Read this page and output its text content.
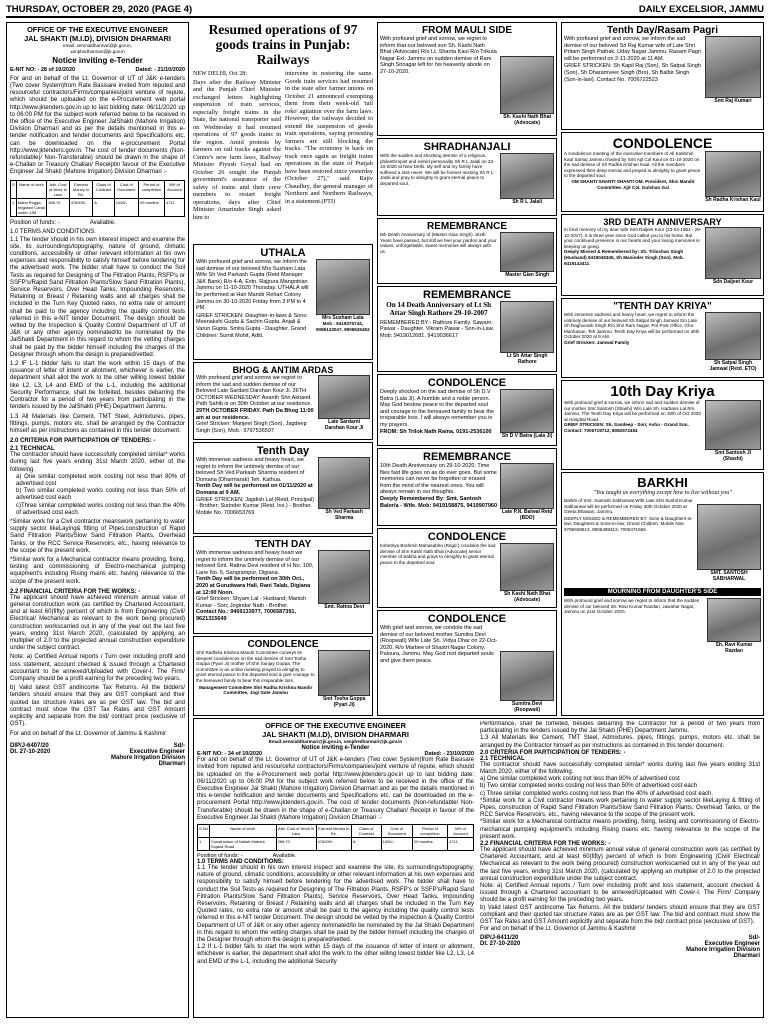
THURSDAY, OCTOBER 29, 2020 (PAGE 4)	DAILY EXCELSIOR, JAMMU
OFFICE OF THE EXECUTIVE ENGINEER
JAL SHAKTI (M.I.D), DIVISION DHARMARI
email: xenmiddharmari@jk.gov.in,
xenphedharmari@jk.gov.in
Notice inviting e-Tender
E-NIT NO: - 28 of 10/2020	Dated: - 21/10/2020
For and on behalf of the Lt. Governor of UT of J&K e-tenders (Two cover System)from Rate Basisare invited from reputed and resourceful contractors/Firms/companies/joint venture of repute, which should be uploaded on the e-Procurement web portal http://www.jktenders.gov.in up to last bidding date: 06/11/2020 up to 06:00 PM for the subject work referred below to be received in the office of the Executive Engineer JalShakti (Mahore Irrigation) Division Dharmari and as per the details mentioned in this e-tender notification and tender documents and Specifications etc. can be downloaded on the e-procurement Portal http://www.jktenders.gov.in. The cost of tender documents (Non-refundable)/ Non-Transferable) should be drawn in the shape of e-Challan or Treasury Challan/ Receiptin favour of the Executive Engineer Jal Shakti (Mahore Irrigation) Division Dharmari :-
S	Name of work	Adv. Cost of Work in Lacs	Earnest Money in Rs.	Class of Contract	Cost of Document	Period of completion	MH of Account
1	Maha Rogga Irrigation Canal under JJM	268.70	476000/-	A	1000/-	09 months	4711
Position of funds: -	Available.
1.0 TERMS AND CONDITIONS:
1.1 The tender should in his own interest inspect and examine the site, its surroundings/topography, nature of ground, climatic conditions, accessibility or other relevant information at his own expenses and responsibility to satisfy himself before tendering for the advertised work. The bidder shall have to conduct the Soil Tests as required for Designing of The Filtration Plants, RSFP's or SSFP's/Rapid Sand Filtration Plants/Slow Sand Filtration Plants), Service Reservoirs, Over Head Tanks, Impounding Reservoirs, Retaining or Breast / Retaining walls and all charges shall be included in the Turn Key Quoted rates, no extra rate or amount shall be paid to the agency including the quality control tests referred in this e-NIT tender Document. The design should be vetted by the Inspection & Quality Control Department of UT of J&K or any other agency nominated/to be nominated by the JalShakti Department in this regard to whom the vetting charges shall be paid by the bidder himself including the charges of the Designer through whom the design is prepared/vetted.
1.2 IF L-1 bidder fails to start the work within 15 days of the issuance of letter of intent or allotment, whichever is earlier, the department shall allot the work to the other willing lowest bidder like L2, L3, L4 and EMD of the L-1, including the additional Security Performance, shall be forfeited, besides debarring the Contractor for a period of two years from participating in the tenders issued by the JalShakti (PHE) Department Jammu.
1.3 All Materials like Cement, TMT Steel, Admixtures, pipes, fittings, pumps, motors etc. shall be arranged by the Contractor himself as per instructions as contained in this tender document.
2.0 CRITERIA FOR PARTICIPATION OF TENDERS: -
2.1 TECHNICAL
The contractor should have successfully completed similar* works during last five years ending 31st March 2020, either of the following.
a) One similar completed work costing not less than 80% of advertised cost
b) Two similar completed works costing not less than 50% of advertised cost each
c)Three similar completed works costing not less than the 40% of advertised cost each.
*Similar work for a Civil contractor meanswork pertaining to water supply sector likeLaying& fitting of Pipes,construction of Rapid Sand Filtration Plants/Slow Sand Filtration Plants, Overhead Tanks, or the RCC Service Reservoirs, etc., having relevance to the scope of the present work.
*Similar work for a Mechanical contractor means providing, fixing, testing and commissioning of Electro-mechanical pumping equipment's including Rising mains etc. having relevance to the scope of the present work.
2.2 FINANCIAL CRITERIA FOR THE WORKS: -
The applicant should have achieved minimum annual value of general construction work (as certified by Chartered Accountant, and at least 60(fifty) percent of which is from Engineering (Civil/ Electrical/ Mechanical as relevant to the work being procured) construction workscarried out in any of the year out the last five years, ending 31st March 2020, (calculated by applying an multiplier of 2.0 to the projected annual construction expenditure under the subject contract.
Note: a) Certified Annual reports / Turn over including profit and loss statement, account checked & issued through a Chartered accountant to be annexed/Uploaded with Cover-I. The Firm/ Company should be a profit earning for the preceding two years.
b) Valid latest GST andIncome Tax Returns. All the bidders/ tenders should ensure that they are GST compliant and their quoted tax structure /rates are as per GST law. The bid and contract must show the GST Tax Rates and GST Amount explicitly and separate from the bid/ contract price (exclusive of GST).
For and on behalf of the Lt. Governor of Jammu & Kashmir
DIP/J-6407/20
Dt. 27-10-2020
Sd/-
Executive Engineer
Mahore Irrigation Division
Dharmari
Resumed operations of 97 goods trains in Punjab: Railways
NEW DELHI, Oct 28:
Days after the Railway Minister and the Punjab Chief Minister exchanged letters highlighting suspension of train services, especially freight trains in the State, the national transporter said on Wednesday it had resumed operations of 97 goods trains in the region. Amid protests by farmers on rail tracks against the Centre's new farm laws, Railway Minister Piyush Goyal had on October 26 sought the Punjab government's assurance of the safety of trains and their crew members to restart freight operations, days after Chief Minister Amarinder Singh asked him to
intervene in restoring the same. Goods train services had resumed in the state after farmer unions on October 21 announced exempting them from their week-old 'rail roko' agitation over the farm laws. However, the railways decided to extend the suspension of goods train operations, saying protesting farmers are still blocking the tracks. "The economy is back on track once again as freight trains operations in the state of Punjab have been restored since yesterday (October 27)," said Rajiv Chaudhry, the general manager of Northern and Northern Railways, in a statement.(PTI)
UTHALA
With profound grief and sorrow, we inform the sad demise of our beloved Mrs Susham Lata Wife Sh Ved Parkash Gupta (Retd Manager J&K Bank) R/o 4-A, Extn. Rajpura Mangotrian Jammu on 11-10-2020 Thursday. UTHALA will be performed at Hari Mandir Rehari Colony Jammu on 30-10-2020 Friday from 3 PM to 4 PM.
GRIEF STRICKEN: Daughter-in-laws & Sons: Meenakshi Gupta & Sachin Gupta, Anjali & Varun Gupta. Smita Gupta - Daughter. Grand Children: Sumit Mohit, Aditi.
Mrs Susham Lata
Mob : 9419375744, 9086133047, 9906526452
BHOG & ANTIM ARDAS
With profound grief and sorrow we regret to inform the sad and sudden demise of our Beloved Late Sardani Darshan Kour Ji. 26TH OCTOBER WEDNESDAY. Ananth Shri Akhand Path Sahib is on 30th October at our residence.
29TH OCTOBER FRIDAY. Path Da Bhog 11:00 am at our residence.
Grief Stricken: Manjeet Singh (Son), Jagdeep Singh (Son), Mob.: 9797536597
Late Sardarni Darshan Kour Ji
Tenth Day
With immense sadness and heavy heart, we regret to inform the untimely demise of our beloved Sh Ved Parkash Sharma resident of Domana (Dharmarak) Teh. Kathua.
Tenth Day will be performed on 01/11/2020 at Domana at 9 AM.
GRIEF STRICKEN: Jagdish Lal (Retd. Principal) - Brother; Surinder Kumar (Retd. Ins.) - Brother. Mobile No. 7006653769	Sh Ved Parkash Sharma
TENTH DAY
With immense sadness and heavy heart we regret to inform the untimely demise of our beloved Smt. Rattna Devi resident of H.No. 100, Lane No. 5, Sangrampur, Digiana.
Tenth Day will be performed on 30th Oct., 2020 at Gurudwara Hall, Rani Talab, Digiana at 12:00 Noon.
Grief Stricken: Shyam Lal - Husband; Manish Kumar - Son; Jogindar Nath - Brother.
Contact No.: 9469133977, 7006587391, 9621315649
Smt. Rattna Devi
CONDOLENCE
Shri Radhika Krishna Mandir Committee conveys its deepest condolences on the sad demise of Smt Tosha Goppa (Pyari Ji) mother of Shri Sanjay Goppa. The Committee in an online meeting prayed to almighty to grant eternal peace to the departed soul & give courage to the bereaved family to bear this irreparable loss.
Management Committee Shri Radha Krishna Mandir Committee, Jogi Gate Jammu
Smt Tosha Goppa (Pyari Ji)
FROM MAULI SIDE
With profound grief and sorrow, we regret to inform that our beloved son Sh. Kashi Nath Bhat (Advocate) R/o Lt. Shanta Kaul R/o Trikuta Nagar Ext. Jammu on sudden demise of Ram Singh Srinagar left for his heavenly abode on 27-10-2020.
Sh. Kashi Nath Bhat (Advocate)
SHRADHANJALI
With the sudden and shocking demise of a religious, philanthropist and exited personality Sh R L Jalali on 23-10-2020 at New Delhi. My self and my family have suffered a loss never. We will be forever missing Sh R L Jalali and pray to almighty to grant eternal peace to departed soul.
Sh R L Jalali
REMEMBRANCE
6th Death Anniversary of (Master Gian Singh). Sixth Years have passed, but still we feel your pardon and your values, unforgettable, sweet memories will always with us.
Master Gian Singh
REMEMBRANCE
On 14 Death Anniversary of Lt Sh Attar Singh Rathore 29-10-2007
REMEMBERED BY:- Rathore Family. Sawarn Pawar - Daughter. Vikram Pawar - Son-in-Law. Mob: 9419012681, 9419036617
Lt Sh Attar Singh Rathore
CONDOLENCE
Deeply shocked on the sad demise of Sh D.V Batra (Lala Ji). A humble and a noble person. May God bestow peace to the departed soul and courage to the bereaved family to bear the irreparable loss. I will always remember you in my prayers.
FROM: Sh Trilok Nath Raina, 0191-2536100
Sh D V Batra (Lala Ji)
REMEMBRANCE
10th Death Anniversary on 29-10-2020. Time flies fast life goes on as do ever goes. But some memories can never be forgotten or erased from the mind of the nearest ones. You will always remain in our thoughts.
Deeply Remembered By: Smt. Santosh Baloria - Wife. Mob: 9419158875, 9419907960
Late P.N. Balwal Retd (BDO)
CONDOLENCE
Kshetriya Brahmin Mahasabha (Regd.) condoles the sad demise of Shri Kashi Nath Bhat (Advocate) senior member of Sabha and prays to Almighty to grant eternal peace to the departed soul.
Sh Kashi Nath Bhat (Advocate)
CONDOLENCE
With grief and sorrow, we condole the sad demise of our beloved mother Sumitra Devi (Roopwati) Wife Late Sh. Vidya Dhar on 22-Oct-2020, R/o Marbee of Shastri Nagar Colony, Paloura, Jammu. May God rest departed souls and give them peace.
Sumitra Devi (Roopwati)
Tenth Day/Rasam Pagri
With profound grief and sorrow, we inform the sad demise of our beloved Sri Raj Kumar wife of Late Shri Pritam Singh Pathak, Uday Nagar Jammu. Rasam Pagri will be performed on 2-11-2020 at 11 AM.
GRIEF STRICKEN: Sh Kapil Raj (Son), Sh Satpal Singh (Son), Sh Dharamveer Singh (Bro), Sh Balbir Singh (Son-in-law). Contact No. 7006722523
Smt Raj Kumari
CONDOLENCE
A condolence meeting of the executive members of All Kashmiri Kaul Samaj Jammu chaired by Smt Ajit Col Kaul on 01-10-2020 on the sad demise of Sh Radha Krishan Kaul. All the members expressed their deep sorrow and prayed to almighty to grant peace to the departed soul.
OM SHANTI SHANTI SHANTI OM. President, Shiv Mandir Committee. Ajit Col. Gulshan Gal
Sh Radha Krishan Kaul
3RD DEATH ANNIVERSARY
In fond memory of my dear wife Smt Daljeet Kour (23-04-1964 - 29-10-2017). It is three year since God called you to his home. But your continued presence in our hearts and your loving memories is keeping us going.
Deeply Missed & Remembered by: Sh. Trilochan Singh (Husband) 9419045345, Sh Maninder Singh (Son). Mob. 9419143411
Sdn Daljeet Kour
"TENTH DAY KRIYA"
With immense sadness and heavy heart, we regret to inform the untimely demise of our beloved Sh Satpal Singh Jamwal S/o Late Sh Raghunath Singh R/o Shri Ram Nagar, Pot Post Office, Gho Manhasan, Teh Jammu. Tenth Day Kriya will be performed on 30th October 2020 at 9 AM.
Grief Stricken: Jamwal Family
Sh Satpal Singh Jamwal (Retd. ETO)
10th Day Kriya
With profound grief & sorrow, we inform sad and sudden demise of our mother Smt Santosh (Shashi) W/o Late Sh. Harbans Lal R/o Jammu. The Tenth Day Kriya will be performed on 30th of Oct 2020 at Hospital Road.
GRIEF STRICKEN: Sh. Sandeep - Son; Ashu - Grand Son. Contact: 7006719712, 8082672454
Smt Santosh Ji (Shashi)
BARKHI
"You taught us everything except how to live without you"
Barkhi of Smt. Santosh Sabharwal Wife Late Shri Sushil Kumar Sabharwal will be performed on Friday 30th October 2020 at Geeta Bhawan, Jammu.
DEEPLY MISSED & REMEMBERED BY: Sons & Daughters-in-law; Daughters & Sons-in-law; Grand Children. Mobile Nos. 9796608613, 9906489313, 7006471656
SMT. SANTOSH SABHARWAL
MOURNING FROM DAUGHTER'S SIDE
With profound grief and sorrow we regret to inform that the sudden demise of our beloved Sh. Ravi Kumar Razdan, Jawahar Nagar, Jammu on 21st October 2020.
Sh. Ravi Kumar Razdan
OFFICE OF THE EXECUTIVE ENGINEER
JAL SHAKTI (M.I.D), DIVISION DHARMARI
Email:xenmiddharmari@jk.gov.in, xenphedharmari@jk.gov.in
Notice inviting e-Tender
E-NIT NO: - 34 of 10/2020	Dated: - 23/10/2020
For and on behalf of the Lt. Governor of UT of J&K e-tenders (Two cover System)from Rate Basisare invited from reputed and resourceful contractors/Firms/companies/joint venture of repute, which should be uploaded on the e-Procurement web portal http://www.jktenders.gov.in up to last bidding date: 06/11/2020 up to 06:00 PM for the subject work referred below to be received in the office of the Executive Engineer Jal Shakti (Mahore Irrigation) Division Dharmari and as per the details mentioned in this e-tender notification and tender documents and Specifications etc. can be downloaded on the e-procurement Portal http://www.jktenders.gov.in. The cost of tender documents (Non-refundable/ Non-Transferable) should be drawn in the shape of e-Challan or Treasury Challan/ Receipt in favour of the Executive Engineer Jal Shakti (Mahore Irrigation) Division Dharmari :-
S.No	Name of work	Adv. Cost of Work in Lacs	Earnest Money in Rs.	Class of Contract	Cost of Document	Period of completion	MH of Account
1	Construction of Nallah Mahore Sujana Road	268.70	476000/-	A	1000/-	09 months	4711
Position of funds: -	Available.
1.0 TERMS AND CONDITIONS:
1.1 The tender should in his own interest inspect and examine the site, its surroundings/topography, nature of ground, climatic conditions, accessibility or other relevant information at his own expenses and responsibility to satisfy himself before tendering for the advertised work. The bidder shall have to conduct the Soil Tests as required for Designing of The Filtration Plants, RSFP's or SSFP's/Rapid Sand Filtration Plants/Slow Sand Filtration Plants), Service Reservoirs, Over Head Tanks, Impounding Reservoirs, Retaining or Breast / Retaining walls and all charges shall be included in the Turn Key Quoted rates, no extra rate or amount shall be paid to the agency including the quality control tests referred in this e-NIT tender Document. The design should be vetted by the Inspection & Quality Control Department of UT of J&K or any other agency nominated/to be nominated by the Jal Shakti Department in this regard to whom the vetting charges shall be paid by the bidder himself including the charges of the Designer through whom the design is prepared/vetted.
1.2 If L-1 bidder fails to start the work within 15 days of the issuance of letter of intent or allotment, whichever is earlier, the department shall allot the work to the other willing lowest bidder like L2, L3, L4 and EMD of the L-1, including the additional Security
Performance, shall be forfeited, besides debarring the Contractor for a period of two years from participating in the tenders issued by the Jal Shakti (PHE) Department Jammu.
1.3 All Materials like Cement, TMT Steel, Admixtures, pipes, fittings, pumps, motors etc. shall be arranged by the Contractor himself as per instructions as contained in this tender document.
2.0 CRITERIA FOR PARTICIPATION OF TENDERS: -
2.1 TECHNICAL
The contractor should have successfully completed similar* works during last five years ending 31st March 2020, either of the following.
a) One similar completed work costing not less than 80% of advertised cost
b) Two similar completed works costing not less than 50% of advertised cost each
c) Three similar completed works costing not less than the 40% of advertised cost each.
*Similar work for a Civil contractor means work pertaining to water supply sector likeLaying & fitting of Pipes, construction of Rapid Sand Filtration Plants/Slow Sand Filtration Plants, Overhead Tanks, or the RCC Service Reservoirs, etc., having relevance to the scope of the present work.
*Similar work for a Mechanical contractor means providing, fixing, testing and commissioning of Electro-mechanical pumping equipment's including Rising mains etc. having relevance to the scope of the present work.
2.2 FINANCIAL CRITERIA FOR THE WORKS: -
The applicant should have achieved minimum annual value of general construction work (as certified by Chartered Accountant, and at least 60(fifty) percent of which is from Engineering (Civil/ Electrical/ Mechanical as relevant to the work being procured) construction workscarried out in any of the year out the last five years, ending 31st March 2020, (calculated by applying an multiplier of 2.0 to the projected annual construction expenditure under the subject contract.
Note: a) Certified Annual reports / Turn over including profit and loss statement, account checked & issued through a Chartered accountant to be annexed/Uploaded with Cover-I. The Firm/ Company should be a profit earning for the preceding two years.
b) Valid latest GST andIncome Tax Returns. All the bidders/ tenders should ensure that they are GST compliant and their quoted tax structure /rates are as per GST law. The bid and contract must show the GST Tax Rates and GST Amount explicitly and separate from the bid/ contract price (exclusive of GST).
For and on behalf of the Lt. Governor of Jammu & Kashmir
DIP/J-6411/20
Dt. 27-10-2020
Sd/-
Executive Engineer
Mahore Irrigation Division
Dharmari
